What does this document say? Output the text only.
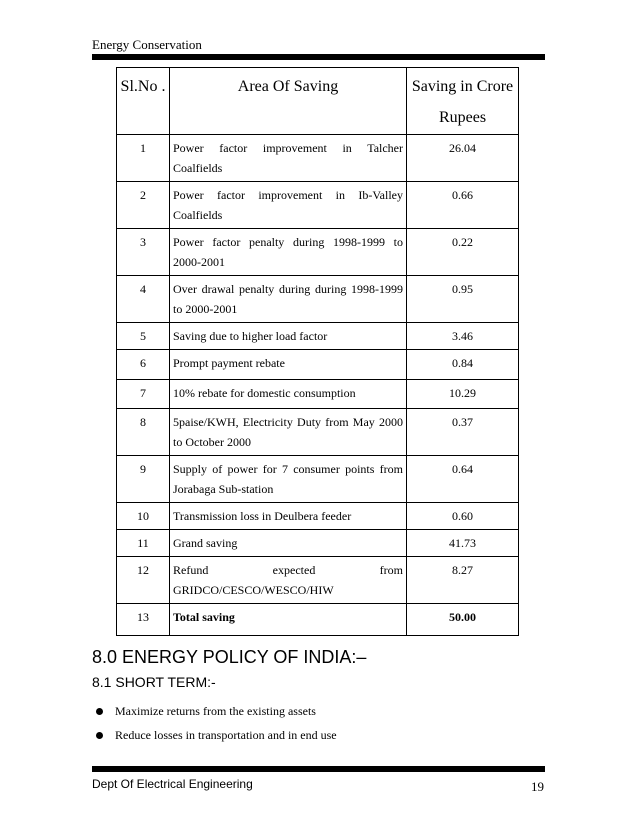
Energy Conservation
Sl.No .	Area Of Saving	Saving in Crore Rupees
1	Power factor improvement in Talcher Coalfields	26.04
2	Power factor improvement in Ib-Valley Coalfields	0.66
3	Power factor penalty during 1998-1999 to 2000-2001	0.22
4	Over drawal penalty during during 1998-1999 to 2000-2001	0.95
5	Saving due to higher load factor	3.46
6	Prompt payment rebate	0.84
7	10% rebate for domestic consumption	10.29
8	5paise/KWH, Electricity Duty from May 2000 to October 2000	0.37
9	Supply of power for 7 consumer points from Jorabaga Sub-station	0.64
10	Transmission loss in Deulbera feeder	0.60
11	Grand saving	41.73
12	Refund expected from GRIDCO/CESCO/WESCO/HIW	8.27
13	Total saving	50.00
8.0 ENERGY POLICY OF INDIA:–
8.1 SHORT TERM:-
Maximize returns from the existing assets
Reduce losses in transportation and in end use
Dept Of Electrical Engineering	19
